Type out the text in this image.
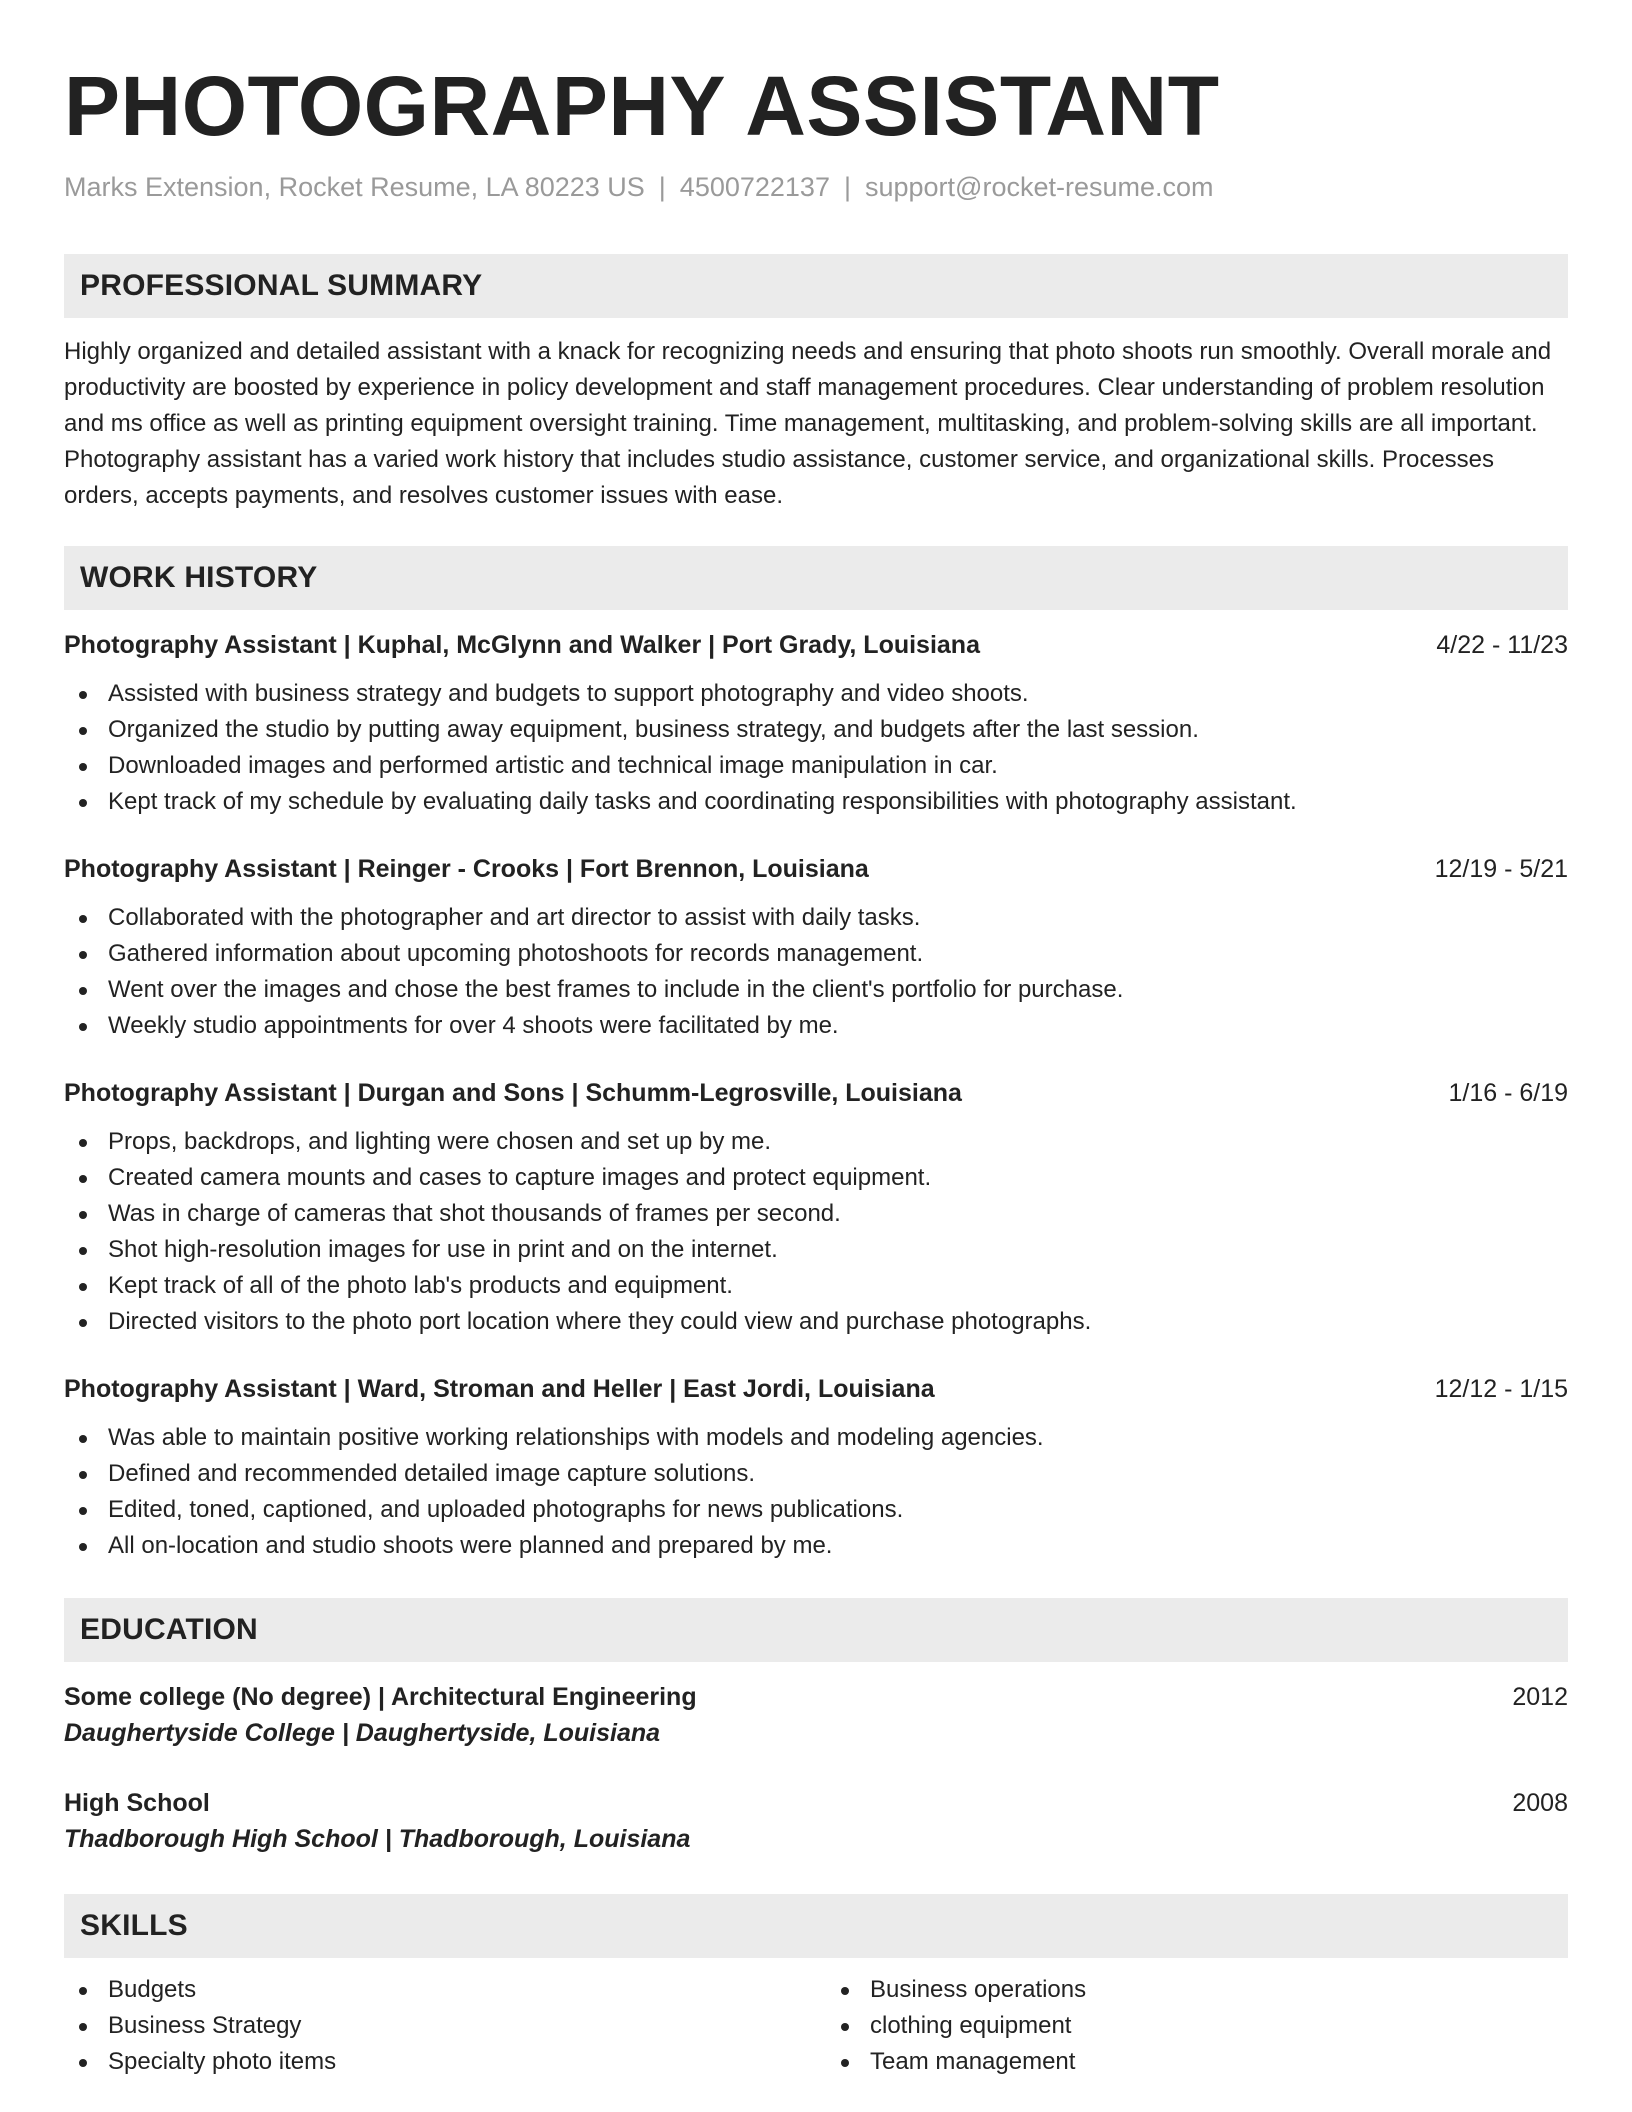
PHOTOGRAPHY ASSISTANT
Marks Extension, Rocket Resume, LA 80223 US | 4500722137 | support@rocket-resume.com
PROFESSIONAL SUMMARY
Highly organized and detailed assistant with a knack for recognizing needs and ensuring that photo shoots run smoothly. Overall morale and productivity are boosted by experience in policy development and staff management procedures. Clear understanding of problem resolution and ms office as well as printing equipment oversight training. Time management, multitasking, and problem-solving skills are all important. Photography assistant has a varied work history that includes studio assistance, customer service, and organizational skills. Processes orders, accepts payments, and resolves customer issues with ease.
WORK HISTORY
Photography Assistant | Kuphal, McGlynn and Walker | Port Grady, Louisiana	4/22 - 11/23
Assisted with business strategy and budgets to support photography and video shoots.
Organized the studio by putting away equipment, business strategy, and budgets after the last session.
Downloaded images and performed artistic and technical image manipulation in car.
Kept track of my schedule by evaluating daily tasks and coordinating responsibilities with photography assistant.
Photography Assistant | Reinger - Crooks | Fort Brennon, Louisiana	12/19 - 5/21
Collaborated with the photographer and art director to assist with daily tasks.
Gathered information about upcoming photoshoots for records management.
Went over the images and chose the best frames to include in the client's portfolio for purchase.
Weekly studio appointments for over 4 shoots were facilitated by me.
Photography Assistant | Durgan and Sons | Schumm-Legrosville, Louisiana	1/16 - 6/19
Props, backdrops, and lighting were chosen and set up by me.
Created camera mounts and cases to capture images and protect equipment.
Was in charge of cameras that shot thousands of frames per second.
Shot high-resolution images for use in print and on the internet.
Kept track of all of the photo lab's products and equipment.
Directed visitors to the photo port location where they could view and purchase photographs.
Photography Assistant | Ward, Stroman and Heller | East Jordi, Louisiana	12/12 - 1/15
Was able to maintain positive working relationships with models and modeling agencies.
Defined and recommended detailed image capture solutions.
Edited, toned, captioned, and uploaded photographs for news publications.
All on-location and studio shoots were planned and prepared by me.
EDUCATION
Some college (No degree) | Architectural Engineering	2012
Daughertyside College | Daughertyside, Louisiana
High School	2008
Thadborough High School | Thadborough, Louisiana
SKILLS
Budgets
Business Strategy
Specialty photo items
Business operations
clothing equipment
Team management
